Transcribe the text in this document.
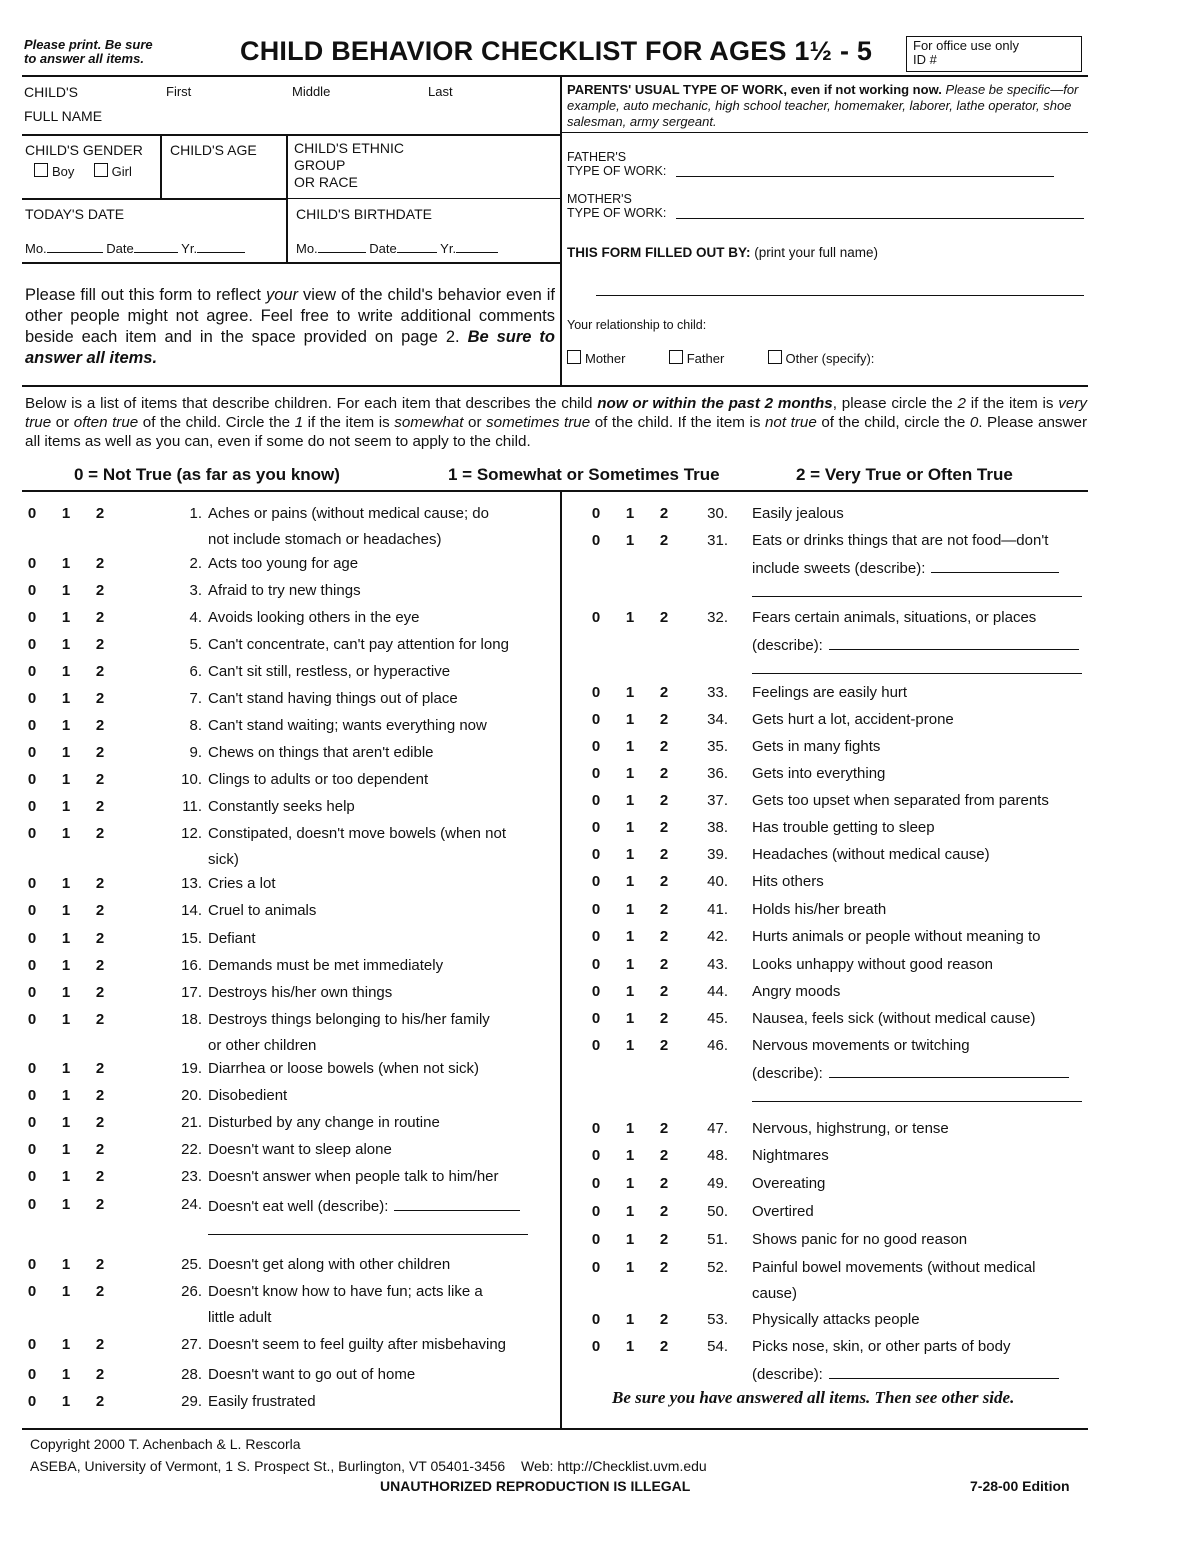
Please print. Be sure
to answer all items.	CHILD BEHAVIOR CHECKLIST FOR AGES 1½ - 5	For office use only
ID #
CHILD'S
FULL NAME
First	Middle	Last
CHILD'S GENDER
Boy	Girl
CHILD'S AGE	CHILD'S ETHNIC
GROUP
OR RACE
TODAY'S DATE	CHILD'S BIRTHDATE
Mo.	Date	Yr.	Mo.	Date	Yr.
Please fill out this form to reflect your view of the child's behavior even if other people might not agree. Feel free to write additional comments beside each item and in the space provided on page 2. Be sure to answer all items.
PARENTS' USUAL TYPE OF WORK, even if not working now. Please be specific—for example, auto mechanic, high school teacher, homemaker, laborer, lathe operator, shoe salesman, army sergeant.
FATHER'S
TYPE OF WORK:
MOTHER'S
TYPE OF WORK:
THIS FORM FILLED OUT BY: (print your full name)
Your relationship to child:
Mother	Father	Other (specify):
Below is a list of items that describe children. For each item that describes the child now or within the past 2 months, please circle the 2 if the item is very true or often true of the child. Circle the 1 if the item is somewhat or sometimes true of the child. If the item is not true of the child, circle the 0. Please answer all items as well as you can, even if some do not seem to apply to the child.
0 = Not True (as far as you know)	1 = Somewhat or Sometimes True	2 = Very True or Often True
0 1 2	1. Aches or pains (without medical cause; do
not include stomach or headaches)
0 1 2	2. Acts too young for age
0 1 2	3. Afraid to try new things
0 1 2	4. Avoids looking others in the eye
0 1 2	5. Can't concentrate, can't pay attention for long
0 1 2	6. Can't sit still, restless, or hyperactive
0 1 2	7. Can't stand having things out of place
0 1 2	8. Can't stand waiting; wants everything now
0 1 2	9. Chews on things that aren't edible
0 1 2	10. Clings to adults or too dependent
0 1 2	11. Constantly seeks help
0 1 2	12. Constipated, doesn't move bowels (when not
sick)
0 1 2	13. Cries a lot
0 1 2	14. Cruel to animals
0 1 2	15. Defiant
0 1 2	16. Demands must be met immediately
0 1 2	17. Destroys his/her own things
0 1 2	18. Destroys things belonging to his/her family
or other children
0 1 2	19. Diarrhea or loose bowels (when not sick)
0 1 2	20. Disobedient
0 1 2	21. Disturbed by any change in routine
0 1 2	22. Doesn't want to sleep alone
0 1 2	23. Doesn't answer when people talk to him/her
0 1 2	24. Doesn't eat well (describe):
0 1 2	25. Doesn't get along with other children
0 1 2	26. Doesn't know how to have fun; acts like a
little adult
0 1 2	27. Doesn't seem to feel guilty after misbehaving
0 1 2	28. Doesn't want to go out of home
0 1 2	29. Easily frustrated
0 1 2	30. Easily jealous
0 1 2	31. Eats or drinks things that are not food—don't
include sweets (describe):
0 1 2	32. Fears certain animals, situations, or places
(describe):
0 1 2	33. Feelings are easily hurt
0 1 2	34. Gets hurt a lot, accident-prone
0 1 2	35. Gets in many fights
0 1 2	36. Gets into everything
0 1 2	37. Gets too upset when separated from parents
0 1 2	38. Has trouble getting to sleep
0 1 2	39. Headaches (without medical cause)
0 1 2	40. Hits others
0 1 2	41. Holds his/her breath
0 1 2	42. Hurts animals or people without meaning to
0 1 2	43. Looks unhappy without good reason
0 1 2	44. Angry moods
0 1 2	45. Nausea, feels sick (without medical cause)
0 1 2	46. Nervous movements or twitching
(describe):
0 1 2	47. Nervous, highstrung, or tense
0 1 2	48. Nightmares
0 1 2	49. Overeating
0 1 2	50. Overtired
0 1 2	51. Shows panic for no good reason
0 1 2	52. Painful bowel movements (without medical
cause)
0 1 2	53. Physically attacks people
0 1 2	54. Picks nose, skin, or other parts of body
(describe):
Be sure you have answered all items. Then see other side.
Copyright 2000 T. Achenbach & L. Rescorla
ASEBA, University of Vermont, 1 S. Prospect St., Burlington, VT 05401-3456 Web: http://Checklist.uvm.edu
UNAUTHORIZED REPRODUCTION IS ILLEGAL	7-28-00 Edition
